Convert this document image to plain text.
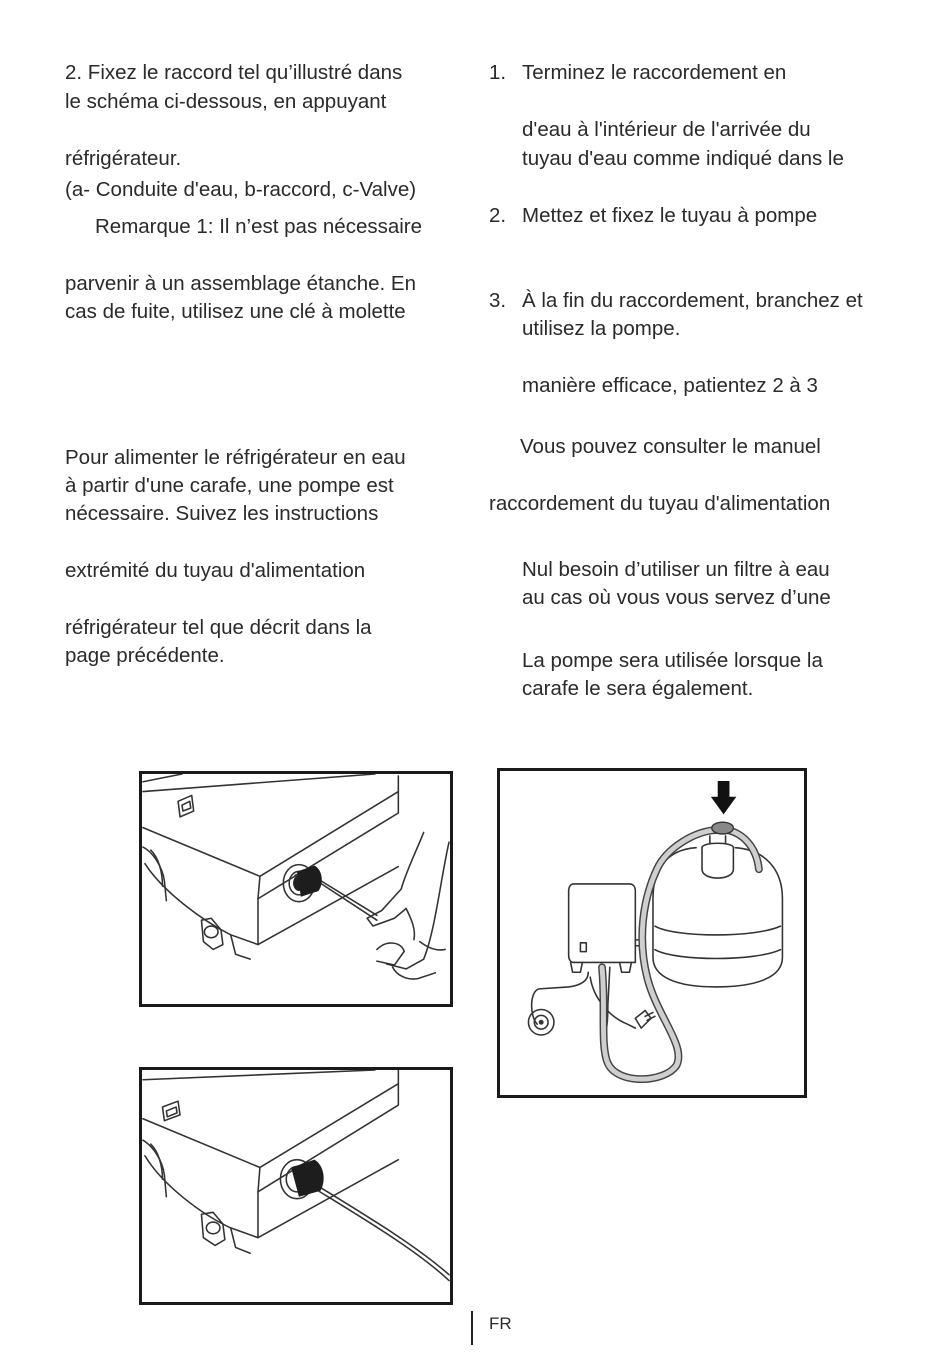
2. Fixez le raccord tel qu’illustré dans
le schéma ci-dessous, en appuyant
réfrigérateur.
(a- Conduite d'eau, b-raccord, c-Valve)
Remarque 1: Il n’est pas nécessaire
parvenir à un assemblage étanche. En
cas de fuite, utilisez une clé à molette
Pour alimenter le réfrigérateur en eau
à partir d'une carafe, une pompe est
nécessaire. Suivez les instructions
extrémité du tuyau d'alimentation
réfrigérateur tel que décrit dans la
page précédente.
1. Terminez le raccordement en
d'eau à l'intérieur de l'arrivée du
tuyau d'eau comme indiqué dans le
2. Mettez et fixez le tuyau à pompe
3. À la fin du raccordement, branchez et
utilisez la pompe.
manière efficace, patientez 2 à 3
Vous pouvez consulter le manuel
raccordement du tuyau d'alimentation
Nul besoin d’utiliser un filtre à eau
au cas où vous vous servez d’une
La pompe sera utilisée lorsque la
carafe le sera également.
FR
